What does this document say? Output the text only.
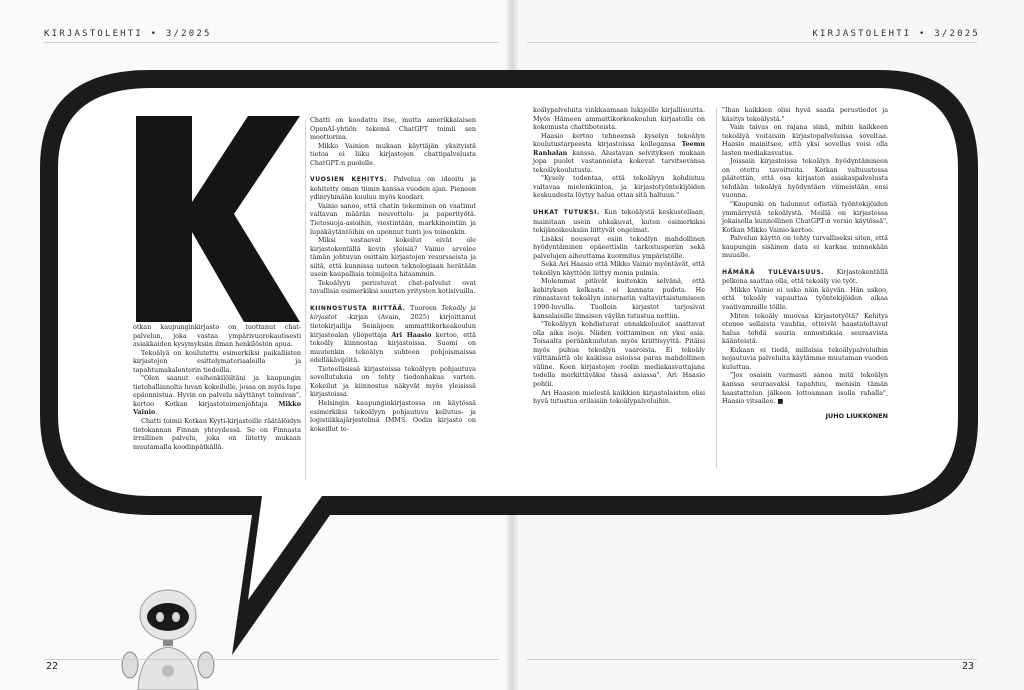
KIRJASTOLEHTI • 3/2025	KIRJASTOLEHTI • 3/2025

otkan kaupunginkirjasto on tuottanut chat-palvelun, joka vastaa ympärivuorokautisesti asiakkaiden kysymyksiin ilman henkilöstön apua.

Tekoälyä on koulutettu esimerkiksi paikallisten kirjastojen esittelymateriaaleilla ja tapahtumakalenterin tiedoilla.

"Olen saanut esihenkilöiltäni ja kaupungin tietohallinnolta luvan kokeilulle, jossa on myös lupa epäonnistua. Hyvin on palvelu näyttänyt toimivan", kertoo Kotkan kirjastotoimenjohtaja Mikko Vainio.

Chatti toimii Kotkan Kyyti-kirjastoille räätälöidyn tietokannan Finnan yhteydessä. Se on Finnasta irrallinen palvelu, joka on liitetty mukaan muutamalla koodinpätkällä.

Chatti on koodattu itse, mutta amerikkalaisen OpenAI-yhtiön tekemä ChatGPT toimii sen moottorina.

Mikko Vainion mukaan käyttäjän yksityistä tietoa ei liiku kirjastojen chattipalvelusta ChatGPT:n puolelle.

VUOSIEN KEHITYS. Palvelua on ideoitu ja kehitetty oman tiimin kanssa vuoden ajan. Pieneen ydinryhmään kuuluu myös koodari.

Vainio sanoo, että chatin tekeminen on vaatinut valtavan määrän neuvottelu- ja paperityötä. Tietosuoja-asioihin, viestintään, markkinointiin ja lupakäytäntöihin on uponnut tunti jos toinenkin.

Miksi vastaavat kokeilut eivät ole kirjastokentällä kovin yleisiä? Vainio arvelee tämän johtuvan osittain kirjastojen resursseista ja siitä, että kunnissa uuteen teknologiaan herätään usein kaupallisia toimijoita hitaammin.

Tekoälyyn perustuvat chat-palvelut ovat tavallisia esimerkiksi suurten yritysten kotisivuilla.

KIINNOSTUSTA RIITTÄÄ. Tuoreen Tekoäly ja kirjastot -kirjan (Avain, 2025) kirjoittanut tietokirjailija Seinäjoen ammattikorkeakoulun kirjastoalan yliopettaja Ari Haasio kertoo, että tekoäly kiinnostaa kirjastoissa. Suomi on muutenkin tekoälyn suhteen pohjoismaissa edelläkävijöitä.

Tieteellisissä kirjastoissa tekoälyyn pohjautuva sovellutuksia on tehty tiedonhakua varten. Kokeilut ja kiinnostus näkyvät myös yleisissä kirjastoissa.

Helsingin kaupunginkirjastossa on käytössä esimerkiksi tekoälyyn pohjautuva kellutus- ja logistiikkajärjestelmä IMMS. Oodin kirjasto on kokeillut te-

koälypalveluita vinkkaamaan lukijoille kirjallisuutta. Myös Hämeen ammattikorkeakoulun kirjastolla on kokemusta chattiboteista.

Haasio kertoo tehneensä kyselyn tekoälyn koulutustarpeesta kirjastoissa kollegansa Teemu Ranhalan kanssa. Alustavan selvityksen mukaan jopa puolet vastanneista kokevat tarvitsevansa tekoälykoulutusta.

"Kysely todentaa, että tekoälyyn kohdistuu valtavaa mielenkiintoa, ja kirjastotyöntekijöiden keskuudesta löytyy halua ottaa sitä haltuun."

UHKAT TUTUKSI. Kun tekoälystä keskustellaan, mainitaan usein uhkakuvat, kuten esimerkiksi tekijänoikeuksiin liittyvät ongelmat.

Lisäksi nousevat esiin tekoälyn mahdollinen hyödyntäminen epäeettisiin tarkoitusperiin sekä palvelujen aiheuttama kuormitus ympäristölle.

Sekä Ari Haasio että Mikko Vainio myöntävät, että tekoälyn käyttöön liittyy monia pulmia.

Molemmat pitävät kuitenkin selvänä, että kehityksen kelkasta ei kannata pudota. He rinnastavat tekoälyn internetin valtavirtaistumiseen 1990-luvulla. Tuolloin kirjastot tarjosivat kansalaisille ilmaisen väylän tutustua nettiin.

"Tekoälyyn kohdistuvat ennakkoluulot saattavat olla aika isoja. Niiden voittaminen on yksi asia. Toisaalta peräänkuulutan myös kriittisyyttä. Pitäisi myös puhua tekoälyn vaaroista. Ei tekoäly välttämättä ole kaikissa asioissa paras mahdollinen väline. Koen kirjastojen roolin mediakasvattajana todella merkittäväksi tässä asiassa", Ari Haasio pohtii.

Ari Haasion mielestä kaikkien kirjastolaisten olisi hyvä tutustua erilaisiin tekoälypalveluihin.

"Ihan kaikkien olisi hyvä saada perustiedot ja käsitys tekoälystä."

Vain taivas on rajana siinä, mihin kaikkeen tekoälyä voitaisiin kirjastopalveluissa soveltaa. Haasio mainitsee, että yksi sovellus voisi olla lasten mediakasvatus.

Joissain kirjastoissa tekoälyn hyödyntämiseen on otettu tavoitteita. Kotkan valtuustossa päätettiin, että osa kirjaston asiakaspalvelusta tehdään tekoälyä hyödyntäen viimeistään ensi vuonna.

"Kaupunki on halunnut edistää työntekijöiden ymmärrystä tekoälystä. Meillä on kirjastossa jokaisella kunnollinen ChatGPT:n versio käytössä", Kotkan Mikko Vainio kertoo.

Palvelun käyttö on tehty turvalliseksi siten, että kaupungin sisäinen data ei karkaa minnekään muualle.

HÄMÄRÄ TULEVAISUUS. Kirjastokentällä pelkona saattaa olla, että tekoäly vie työt.

Mikko Vainio ei usko näin käyvän. Hän uskoo, että tekoäly vapauttaa työntekijöiden aikaa vaativammille töille.

Miten tekoäly muovaa kirjastotyötä? Kehitys etenee sellaista vauhtia, etteivät haastateltavat halua tehdä suuria ennustuksia seuraavista käänteistä.

Kukaan ei tiedä, millaisia tekoälypalveluihin nojautuvia palveluita käytämme muutaman vuoden kuluttua.

"Jos osaisin varmasti sanoa mitä tekoälyn kanssa seuraavaksi tapahtuu, menisin tämän haastattelun jälkeen lottoamaan isolla rahalla", Haasio vitsailee. ■

JUHO LIUKKONEN
22	23
